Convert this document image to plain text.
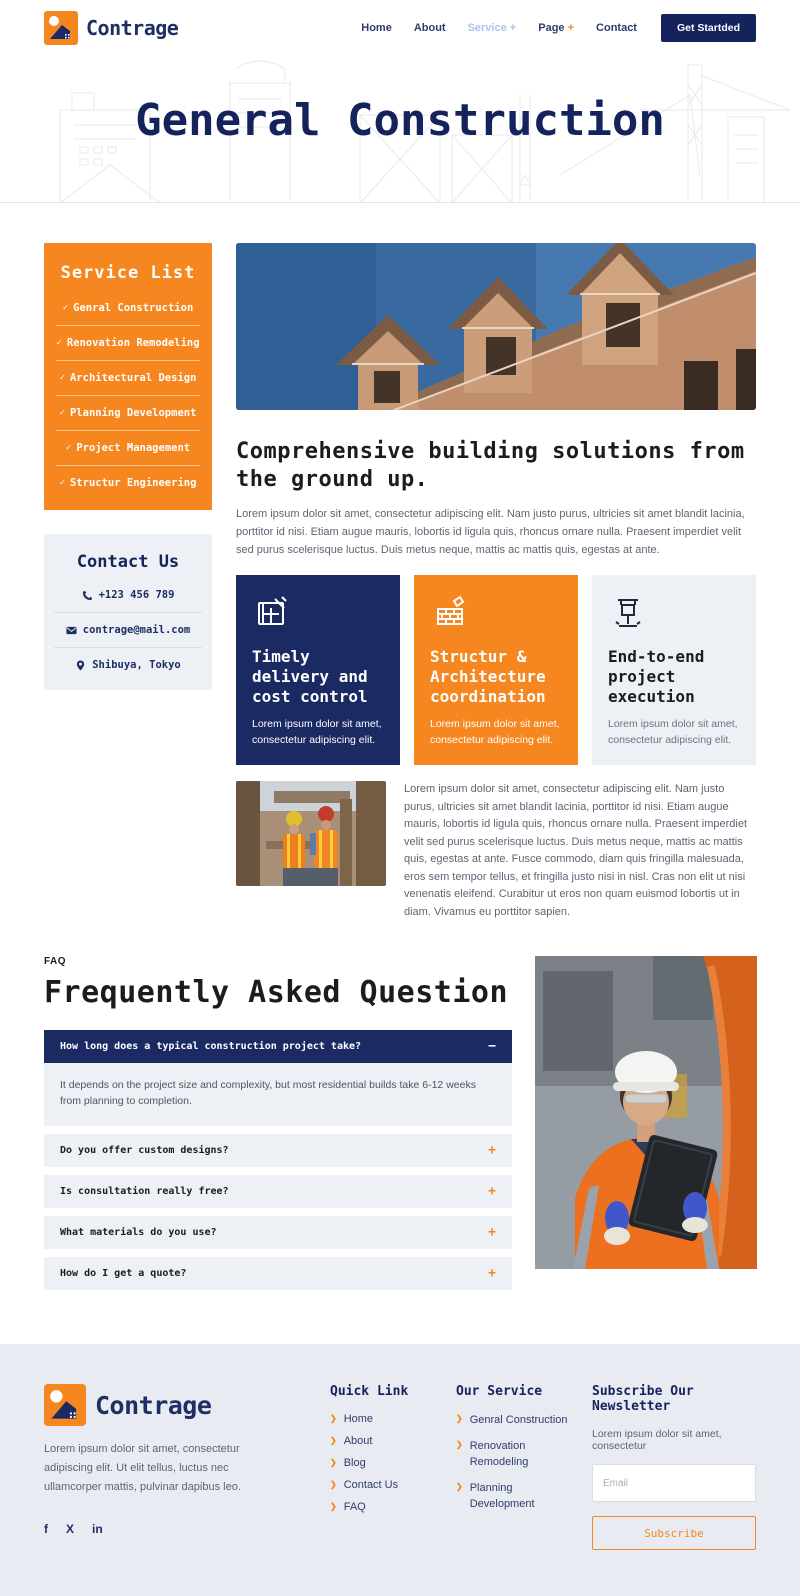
Contrage	Home About Service + Page + Contact	Get Startded
General Construction
Service List
✓ Genral Construction
✓ Renovation Remodeling
✓ Architectural Design
✓ Planning Development
✓ Project Management
✓ Structur Engineering
Contact Us
+123 456 789
contrage@mail.com
Shibuya, Tokyo
Comprehensive building solutions from the ground up.

Lorem ipsum dolor sit amet, consectetur adipiscing elit. Nam justo purus, ultricies sit amet blandit lacinia, porttitor id nisi. Etiam augue mauris, lobortis id ligula quis, rhoncus ornare nulla. Praesent imperdiet velit sed purus scelerisque luctus. Duis metus neque, mattis ac mattis quis, egestas at ante.

Timely delivery and cost control
Lorem ipsum dolor sit amet, consectetur adipiscing elit.
Structur & Architecture coordination
Lorem ipsum dolor sit amet, consectetur adipiscing elit.
End-to-end project execution
Lorem ipsum dolor sit amet, consectetur adipiscing elit.

Lorem ipsum dolor sit amet, consectetur adipiscing elit. Nam justo purus, ultricies sit amet blandit lacinia, porttitor id nisi. Etiam augue mauris, lobortis id ligula quis, rhoncus ornare nulla. Praesent imperdiet velit sed purus scelerisque luctus. Duis metus neque, mattis ac mattis quis, egestas at ante. Fusce commodo, diam quis fringilla malesuada, eros sem tempor tellus, et fringilla justo nisi in nisl. Cras non elit ut nisi venenatis eleifend. Curabitur ut eros non quam euismod lobortis ut in diam. Vivamus eu porttitor sapien.

FAQ
Frequently Asked Question
How long does a typical construction project take?	−
It depends on the project size and complexity, but most residential builds take 6-12 weeks from planning to completion.
Do you offer custom designs?	+
Is consultation really free?	+
What materials do you use?	+
How do I get a quote?	+
Contrage

Lorem ipsum dolor sit amet, consectetur adipiscing elit. Ut elit tellus, luctus nec ullamcorper mattis, pulvinar dapibus leo.

f X in
Quick Link
❯ Home
❯ About
❯ Blog
❯ Contact Us
❯ FAQ
Our Service
❯ Genral Construction
❯ Renovation Remodeling
❯ Planning Development
Subscribe Our Newsletter
Lorem ipsum dolor sit amet, consectetur
Email Subscribe
